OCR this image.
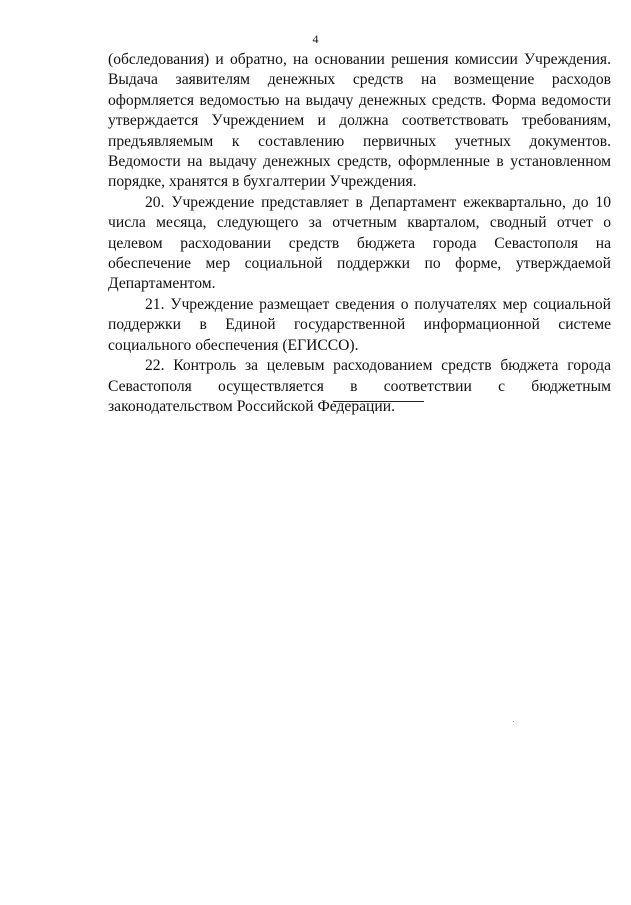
4

(обследования) и обратно, на основании решения комиссии Учреждения. Выдача заявителям денежных средств на возмещение расходов оформляется ведомостью на выдачу денежных средств. Форма ведомости утверждается Учреждением и должна соответствовать требованиям, предъявляемым к составлению первичных учетных документов. Ведомости на выдачу денежных средств, оформленные в установленном порядке, хранятся в бухгалтерии Учреждения.

20. Учреждение представляет в Департамент ежеквартально, до 10 числа месяца, следующего за отчетным кварталом, сводный отчет о целевом расходовании средств бюджета города Севастополя на обеспечение мер социальной поддержки по форме, утверждаемой Департаментом.

21. Учреждение размещает сведения о получателях мер социальной поддержки в Единой государственной информационной системе социального обеспечения (ЕГИССО).

22. Контроль за целевым расходованием средств бюджета города Севастополя осуществляется в соответствии с бюджетным законодательством Российской Федерации.
